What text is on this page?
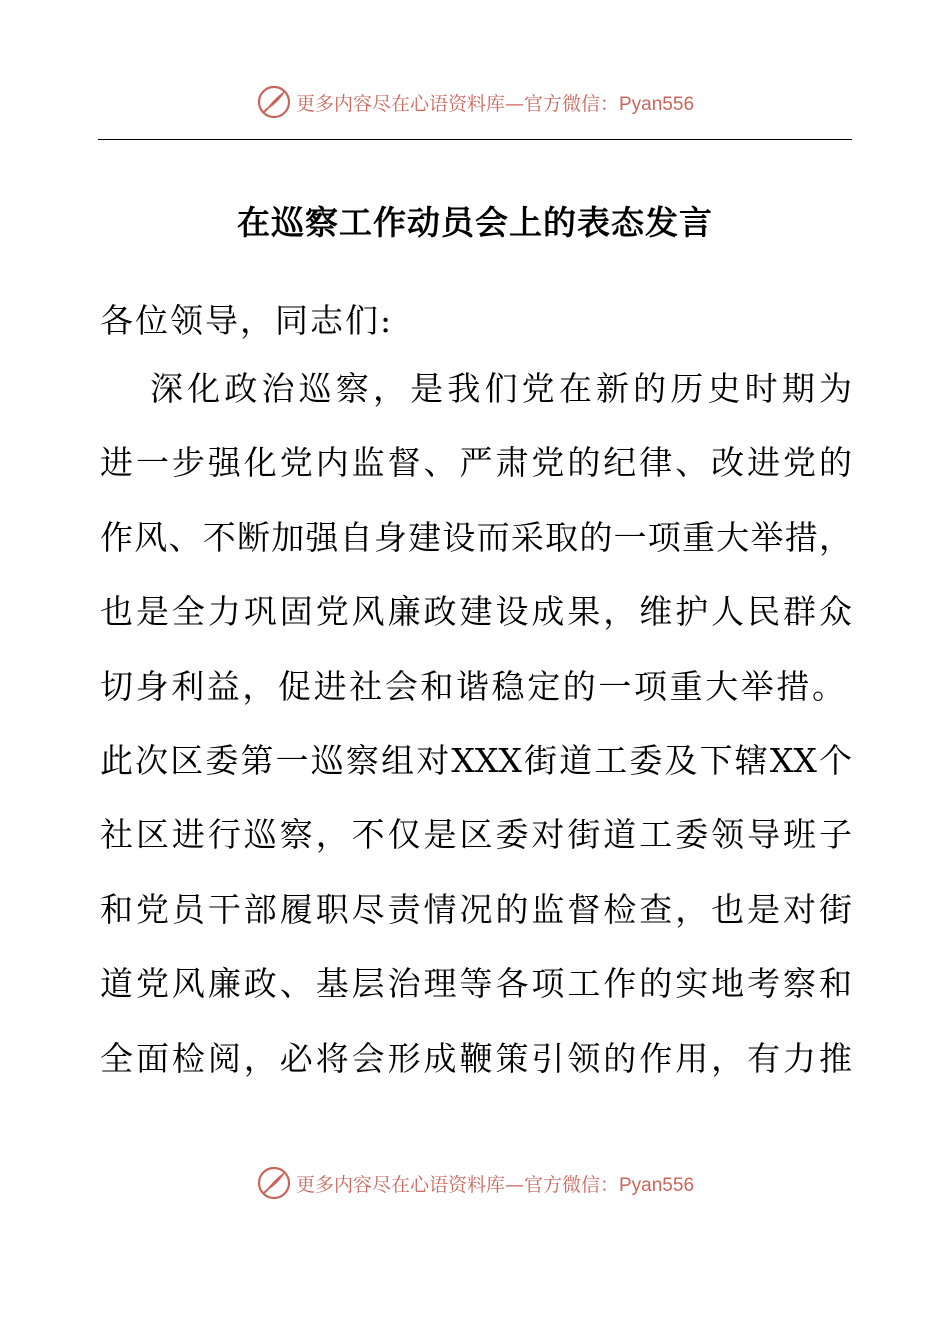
更多内容尽在心语资料库—官方微信：Pyan556
在巡察工作动员会上的表态发言
各位领导，同志们:
深化政治巡察，是我们党在新的历史时期为
进一步强化党内监督、严肃党的纪律、改进党的
作风、不断加强自身建设而采取的一项重大举措，
也是全力巩固党风廉政建设成果，维护人民群众
切身利益，促进社会和谐稳定的一项重大举措。
此次区委第一巡察组对XXX街道工委及下辖XX个
社区进行巡察，不仅是区委对街道工委领导班子
和党员干部履职尽责情况的监督检查，也是对街
道党风廉政、基层治理等各项工作的实地考察和
全面检阅，必将会形成鞭策引领的作用，有力推
更多内容尽在心语资料库—官方微信：Pyan556
